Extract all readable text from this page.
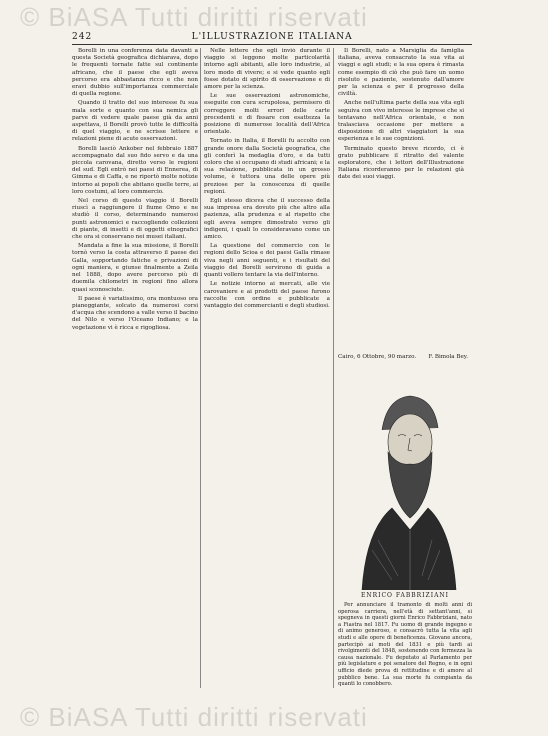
© BiASA Tutti diritti riservati
242	L'ILLUSTRAZIONE ITALIANA

Borelli in una conferenza data davanti a questa Società geografica dichiarava, dopo le frequenti tornate fatte sul continente africano, che il paese che egli aveva percorso era abbastanza ricco e che non eravi dubbio sull'importanza commerciale di quella regione.

Quando il tratto del suo interesse fu sua mala sorte e quanto con sua nemica gli parve di vedere quale paese già da anni aspettava, il Borelli provò tutte le difficoltà di quel viaggio, e ne scrisse lettere e relazioni piene di acute osservazioni.

Borelli lasciò Ankober nel febbraio 1887 accompagnato dal suo fido servo e da una piccola carovana, diretto verso le regioni del sud. Egli entrò nei paesi di Ennerea, di Gimma e di Caffa, e ne riportò molte notizie intorno ai popoli che abitano quelle terre, ai loro costumi, al loro commercio.

Nel corso di questo viaggio il Borelli riuscì a raggiungere il fiume Omo e ne studiò il corso, determinando numerosi punti astronomici e raccogliendo collezioni di piante, di insetti e di oggetti etnografici che ora si conservano nei musei italiani.

Mandata a fine la sua missione, il Borelli tornò verso la costa attraverso il paese dei Galla, sopportando fatiche e privazioni di ogni maniera, e giunse finalmente a Zeila nel 1888, dopo avere percorso più di duemila chilometri in regioni fino allora quasi sconosciute.

Il paese è variatissimo, ora montuoso ora pianeggiante, solcato da numerosi corsi d'acqua che scendono a valle verso il bacino del Nilo e verso l'Oceano Indiano; e la vegetazione vi è ricca e rigogliosa.

Nelle lettere che egli inviò durante il viaggio si leggono molte particolarità intorno agli abitanti, alle loro industrie, al loro modo di vivere; e si vede quanto egli fosse dotato di spirito di osservazione e di amore per la scienza.

Le sue osservazioni astronomiche, eseguite con cura scrupolosa, permisero di correggere molti errori delle carte precedenti e di fissare con esattezza la posizione di numerose località dell'Africa orientale.

Tornato in Italia, il Borelli fu accolto con grande onore dalla Società geografica, che gli conferì la medaglia d'oro, e da tutti coloro che si occupano di studi africani; e la sua relazione, pubblicata in un grosso volume, è tuttora una delle opere più preziose per la conoscenza di quelle regioni.

Egli stesso diceva che il successo della sua impresa era dovuto più che altro alla pazienza, alla prudenza e al rispetto che egli aveva sempre dimostrato verso gli indigeni, i quali lo consideravano come un amico.

La questione del commercio con le regioni dello Scioa e dei paesi Galla rimase viva negli anni seguenti, e i risultati del viaggio del Borelli servirono di guida a quanti vollero tentare la via dell'interno.

Le notizie intorno ai mercati, alle vie carovaniere e ai prodotti del paese furono raccolte con ordine e pubblicate a vantaggio dei commercianti e degli studiosi.

Il Borelli, nato a Marsiglia da famiglia italiana, aveva consacrato la sua vita ai viaggi e agli studi; e la sua opera è rimasta come esempio di ciò che può fare un uomo risoluto e paziente, sostenuto dall'amore per la scienza e per il progresso della civiltà.

Anche nell'ultima parte della sua vita egli seguiva con vivo interesse le imprese che si tentavano nell'Africa orientale, e non tralasciava occasione per mettere a disposizione di altri viaggiatori la sua esperienza e le sue cognizioni.

Terminato questo breve ricordo, ci è grato pubblicare il ritratto del valente esploratore, che i lettori dell'Illustrazione Italiana ricorderanno per le relazioni già date dei suoi viaggi.

Cairo, 6 Ottobre, 90 marzo. F. Bimola Bey.
ENRICO FABBRIZIANI

Per annunciare il tramonto di molti anni di operosa carriera, nell'età di settant'anni, si spegneva in questi giorni Enrico Fabbriziani, nato a Fiastra nel 1817. Fu uomo di grande ingegno e di animo generoso, e consacrò tutta la vita agli studi e alle opere di beneficenza. Giovane ancora, partecipò ai moti del 1831 e più tardi ai rivolgimenti del 1848, sostenendo con fermezza la causa nazionale. Fu deputato al Parlamento per più legislature e poi senatore del Regno, e in ogni ufficio diede prova di rettitudine e di amore al pubblico bene. La sua morte fu compianta da quanti lo conobbero.

© BiASA Tutti diritti riservati
